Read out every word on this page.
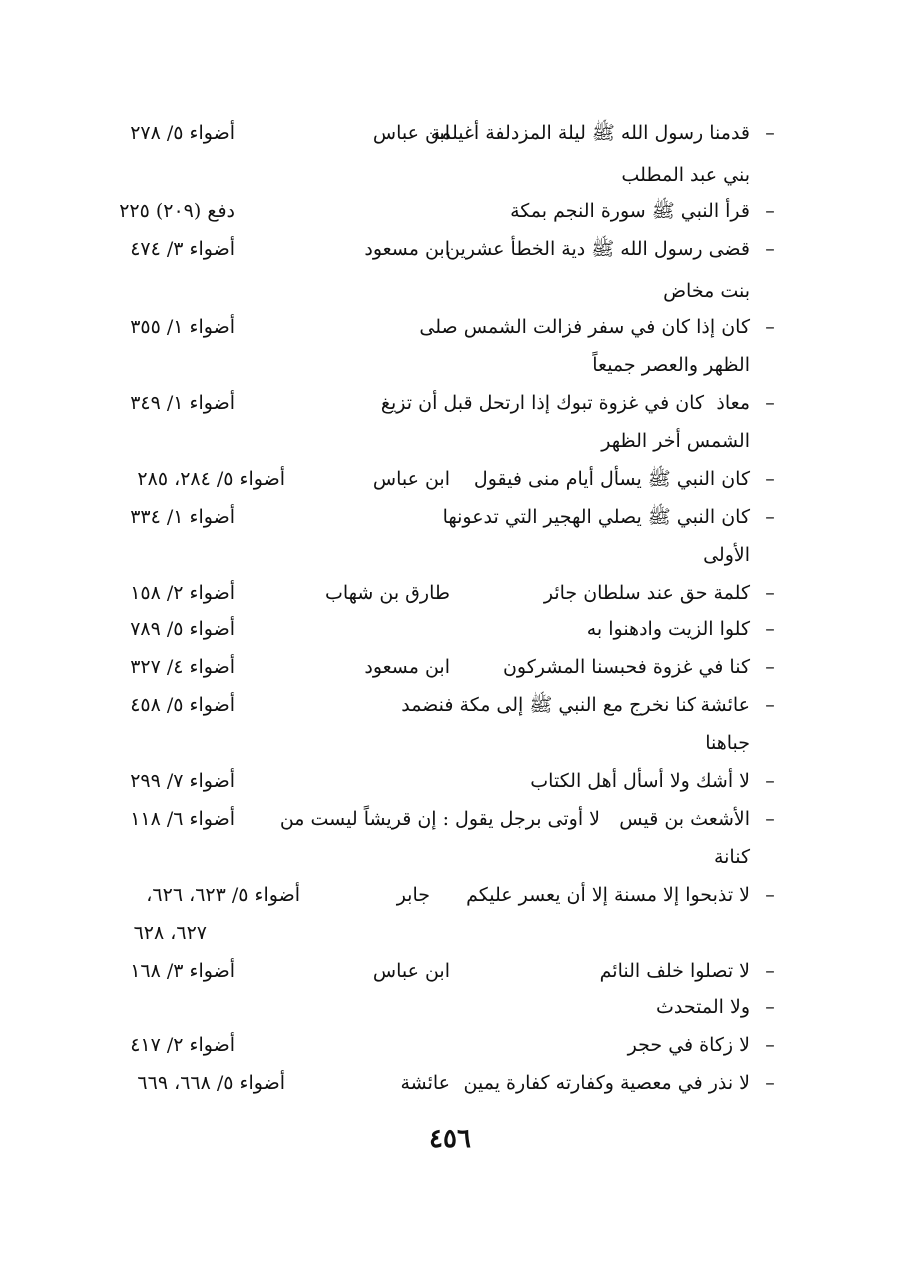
–
قدمنا رسول الله ﷺ ليلة المزدلفة أغيلمة
ابن عباس
أضواء ٥/ ٢٧٨
بني عبد المطلب
–
قرأ النبي ﷺ سورة النجم بمكة
دفع (٢٠٩) ٢٢٥
–
قضى رسول الله ﷺ دية الخطأ عشرين
ابن مسعود
أضواء ٣/ ٤٧٤
بنت مخاض
–
كان إذا كان في سفر فزالت الشمس صلى
أضواء ١/ ٣٥٥
الظهر والعصر جميعاً
–
كان في غزوة تبوك إذا ارتحل قبل أن تزيغ معاذ
أضواء ١/ ٣٤٩
الشمس أخر الظهر
–
كان النبي ﷺ يسأل أيام منى فيقول
ابن عباس
أضواء ٥/ ٢٨٤، ٢٨٥
–
كان النبي ﷺ يصلي الهجير التي تدعونها
أضواء ١/ ٣٣٤
الأولى
–
كلمة حق عند سلطان جائر
طارق بن شهاب
أضواء ٢/ ١٥٨
–
كلوا الزيت وادهنوا به
أضواء ٥/ ٧٨٩
–
كنا في غزوة فحبسنا المشركون
ابن مسعود
أضواء ٤/ ٣٢٧
–
كنا نخرج مع النبي ﷺ إلى مكة فنضمد عائشة
أضواء ٥/ ٤٥٨
جباهنا
–
لا أشك ولا أسأل أهل الكتاب
أضواء ٧/ ٢٩٩
–
لا أوتى برجل يقول : إن قريشاً ليست من الأشعث بن قيس
أضواء ٦/ ١١٨
كنانة
–
لا تذبحوا إلا مسنة إلا أن يعسر عليكم
جابر
أضواء ٥/ ٦٢٣، ٦٢٦،
٦٢٧، ٦٢٨
–
لا تصلوا خلف النائم
ابن عباس
أضواء ٣/ ١٦٨
–
ولا المتحدث
–
لا زكاة في حجر
أضواء ٢/ ٤١٧
–
لا نذر في معصية وكفارته كفارة يمين
عائشة
أضواء ٥/ ٦٦٨، ٦٦٩
٤٥٦
